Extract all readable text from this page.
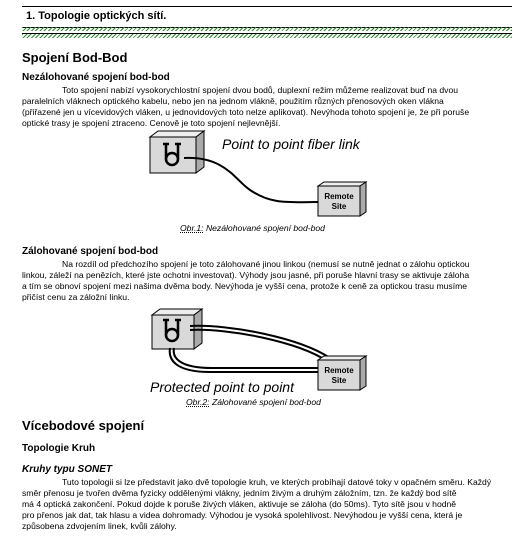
1. Topologie optických sítí.
Spojení Bod-Bod
Nezálohované spojení bod-bod
Toto spojení nabízí vysokorychlostní spojení dvou bodů, duplexní režim můžeme realizovat buď na dvou
paralelních vláknech optického kabelu, nebo jen na jednom vlákně, použitím různých přenosových oken vlákna
(přiřazené jen u vícevidových vláken, u jednovidových toto nelze aplikovat). Nevýhoda tohoto spojení je, že při poruše
optické trasy je spojení ztraceno. Cenově je toto spojení nejlevnější.
Remote
Site
Point to point fiber link
Obr.1: Nezálohované spojení bod-bod
Zálohované spojení bod-bod
Na rozdíl od předchozího spojení je toto zálohované jinou linkou (nemusí se nutně jednat o zálohu optickou
linkou, záleží na penězích, které jste ochotni investovat). Výhody jsou jasné, při poruše hlavní trasy se aktivuje záloha
a tím se obnoví spojení mezi našima dvěma body. Nevýhoda je vyšší cena, protože k ceně za optickou trasu musíme
přičíst cenu za záložní linku.
Remote
Site
Protected point to point
Obr.2: Zálohované spojení bod-bod
Vícebodové spojení
Topologie Kruh
Kruhy typu SONET
Tuto topologii si lze představit jako dvě topologie kruh, ve kterých probíhají datové toky v opačném směru. Každý
směr přenosu je tvořen dvěma fyzicky oddělenými vlákny, jedním živým a druhým záložním, tzn. že každý bod sítě
má 4 optická zakončení. Pokud dojde k poruše živých vláken, aktivuje se záloha (do 50ms). Tyto sítě jsou v hodně
pro přenos jak dat, tak hlasu a videa dohromady. Výhodou je vysoká spolehlivost. Nevýhodou je vyšší cena, která je
způsobena zdvojením linek, kvůli zálohy.
